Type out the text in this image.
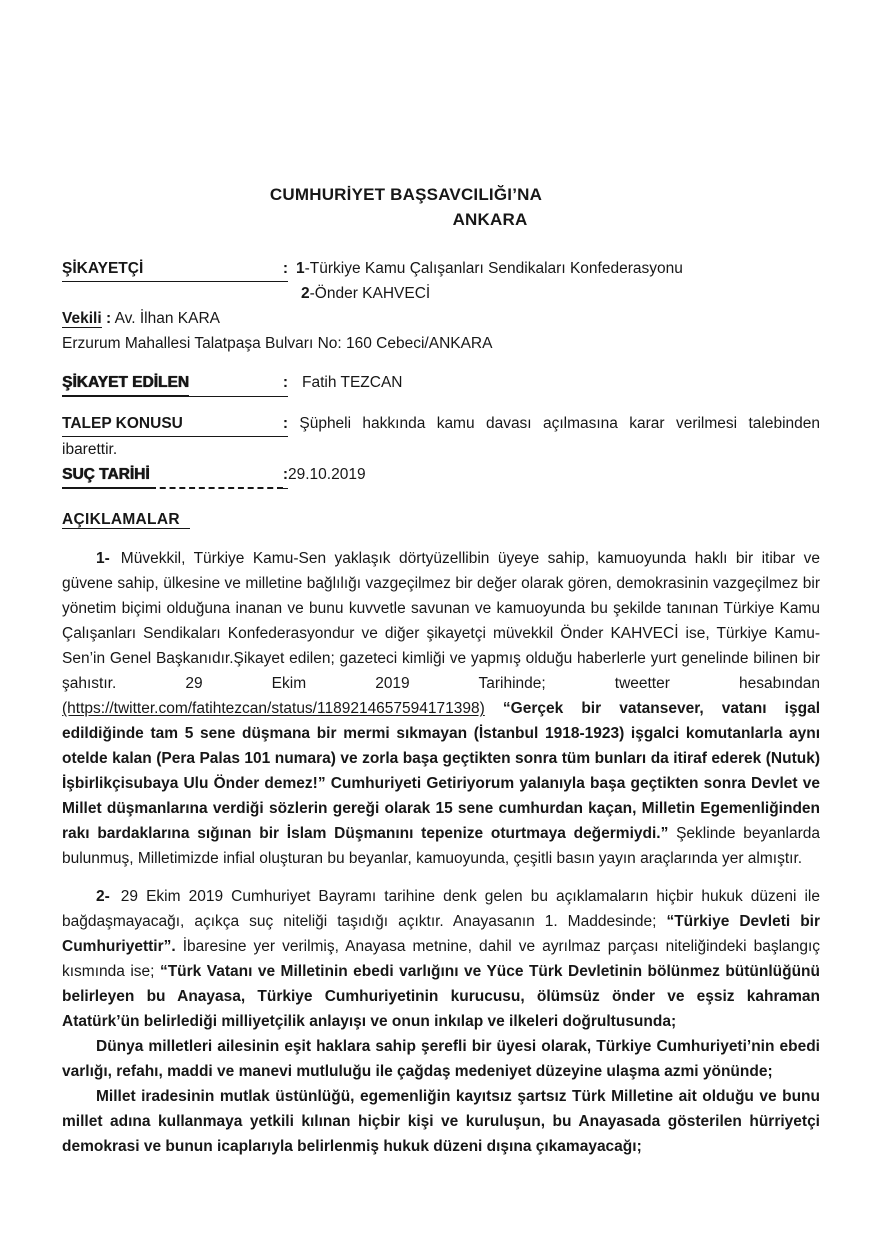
CUMHURİYET BAŞSAVCILIĞI’NA
ANKARA
ŞİKAYETÇİ	: 1-Türkiye Kamu Çalışanları Sendikaları Konfederasyonu
2-Önder KAHVECİ
Vekili : Av. İlhan KARA
Erzurum Mahallesi Talatpaşa Bulvarı No: 160 Cebeci/ANKARA
ŞİKAYET EDİLEN	: Fatih TEZCAN
TALEP KONUSU	: Şüpheli hakkında kamu davası açılmasına karar verilmesi talebinden ibarettir.
SUÇ TARİHİ	: 29.10.2019
AÇIKLAMALAR

1- Müvekkil, Türkiye Kamu-Sen yaklaşık dörtyüzellibin üyeye sahip, kamuoyunda haklı bir itibar ve güvene sahip, ülkesine ve milletine bağlılığı vazgeçilmez bir değer olarak gören, demokrasinin vazgeçilmez bir yönetim biçimi olduğuna inanan ve bunu kuvvetle savunan ve kamuoyunda bu şekilde tanınan Türkiye Kamu Çalışanları Sendikaları Konfederasyondur ve diğer şikayetçi müvekkil Önder KAHVECİ ise, Türkiye Kamu-Sen’in Genel Başkanıdır.Şikayet edilen; gazeteci kimliği ve yapmış olduğu haberlerle yurt genelinde bilinen bir şahıstır. 29 Ekim 2019 Tarihinde; tweetter hesabından (https://twitter.com/fatihtezcan/status/1189214657594171398) “Gerçek bir vatansever, vatanı işgal edildiğinde tam 5 sene düşmana bir mermi sıkmayan (İstanbul 1918-1923) işgalci komutanlarla aynı otelde kalan (Pera Palas 101 numara) ve zorla başa geçtikten sonra tüm bunları da itiraf ederek (Nutuk) İşbirlikçisubaya Ulu Önder demez!” Cumhuriyeti Getiriyorum yalanıyla başa geçtikten sonra Devlet ve Millet düşmanlarına verdiği sözlerin gereği olarak 15 sene cumhurdan kaçan, Milletin Egemenliğinden rakı bardaklarına sığınan bir İslam Düşmanını tepenize oturtmaya değermiydi.” Şeklinde beyanlarda bulunmuş, Milletimizde infial oluşturan bu beyanlar, kamuoyunda, çeşitli basın yayın araçlarında yer almıştır.

2- 29 Ekim 2019 Cumhuriyet Bayramı tarihine denk gelen bu açıklamaların hiçbir hukuk düzeni ile bağdaşmayacağı, açıkça suç niteliği taşıdığı açıktır. Anayasanın 1. Maddesinde; “Türkiye Devleti bir Cumhuriyettir”. İbaresine yer verilmiş, Anayasa metnine, dahil ve ayrılmaz parçası niteliğindeki başlangıç kısmında ise; “Türk Vatanı ve Milletinin ebedi varlığını ve Yüce Türk Devletinin bölünmez bütünlüğünü belirleyen bu Anayasa, Türkiye Cumhuriyetinin kurucusu, ölümsüz önder ve eşsiz kahraman Atatürk’ün belirlediği milliyetçilik anlayışı ve onun inkılap ve ilkeleri doğrultusunda;

Dünya milletleri ailesinin eşit haklara sahip şerefli bir üyesi olarak, Türkiye Cumhuriyeti’nin ebedi varlığı, refahı, maddi ve manevi mutluluğu ile çağdaş medeniyet düzeyine ulaşma azmi yönünde;

Millet iradesinin mutlak üstünlüğü, egemenliğin kayıtsız şartsız Türk Milletine ait olduğu ve bunu millet adına kullanmaya yetkili kılınan hiçbir kişi ve kuruluşun, bu Anayasada gösterilen hürriyetçi demokrasi ve bunun icaplarıyla belirlenmiş hukuk düzeni dışına çıkamayacağı;
